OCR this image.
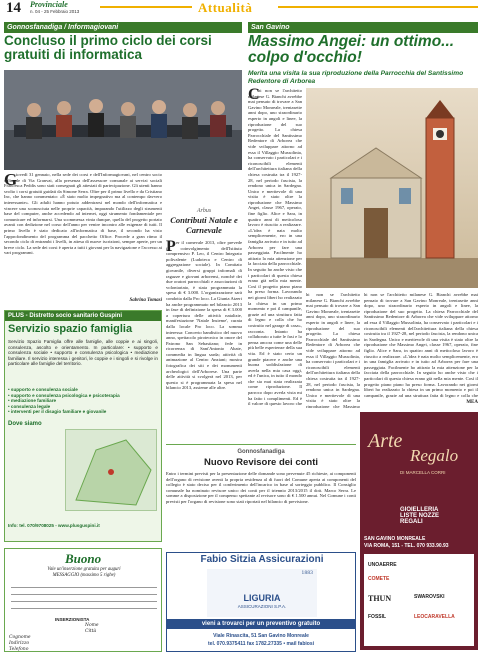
14 Provinciale
n. 04 - 25 Febbraio 2013	Attualità
Gonnosfanadiga / Informagiovani
Concluso il primo ciclo dei corsi gratuiti di informatica
G
iovedì 31 gennaio, nella sede dei corsi e dell'Informagiovani, nel centro socio culturale di Via Granvai, alla presenza dell'assessore comunale ai servizi sociali Francesca Peddis sono stati consegnati gli attestati di partecipazione. Gli utenti hanno svolto i corsi gratuiti guidati da Simone Serra. Oltre per il primo livello e da Cristiano Inc, che hanno commentato: «È stato molto impegnativo ma al contempo davvero interessante». Gli adulti hanno potuto addentrarsi nel mondo dell'informatica e vincere una sconosciuta nelle proprie capacità, imparando l'utilizzo degli strumenti base del computer, anche accedendo ad internet, oggi strumento fondamentale per comunicare ed informarsi. Una scommessa vinta dunque, quella del progetto portato avanti con dedizione nel corso dell'anno per venire incontro alle esigenze di tutti. Il primo livello è stato dedicato all'informatica di base, il secondo ha visto l'approfondimento del programma del pacchetto Office. Procede a gran ritmo il secondo ciclo di entrambi i livelli, in attesa di nuove iscrizioni, sempre aperte, per un breve ciclo. La sede dei corsi è aperta a tutti i giovani per la navigazione e l'accesso ai vari programmi.
Sabrina Tomasi
Arbus
Contributi Natale e Carnevale
P er il carnevale 2013, oltre prevede il coinvolgimento dell'Istituto comprensivo P. Leo, il Centro Integrato polivalente (Ludoteca e Centro di aggregazione sociale). In Comitato giovanile, diversi gruppi informali di ragazze e giovani arborensi, nonché dei due oratori parrocchiali e associazioni di volontariato, è stata programmata la spesa di € 3.000. L'organizzazione sarà condotta dalla Pro loco. La Giunta Atzeri ha anche programmato nel bilancio 2013 in fase di definizione la spesa di € 3.000 a copertura delle attività natalizie, manifestazione 'Natale Insieme', curata dalla locale Pro loco. La somma interessa: Concerto bandistico del nuovo anno, spettacolo pirotecnico in onore del Patrono San Sebastiano; fede in ricorrenza di Sant'Antonio Abate, commedia in lingua sarda; attività di animazione al Centro Anziani; mostra fotografica dei siti e dei monumenti archeologici dell'Arborese. Una parte delle attività si svolgerà nel 2013, per questo si è programmata la spesa nel bilancio 2013, assieme alle altre.
PLUS - Distretto socio sanitario Guspini
Servizio spazio famiglia
Servizio Spazio Famiglia offre alle famiglie, alle coppie e ai singoli, consulenza, ascolto e orientamento. In particolare: • supporto e consulenza sociale • supporto e consulenza psicologica • mediazione familiare. Il servizio interessa i genitori, le coppie e i singoli e si rivolge in particolare alle famiglie del territorio.
• supporto e consulenza sociale
• supporto e consulenza psicologica e psicoterapia
• mediazione familiare
• consulenza legale
• interventi per il disagio familiare e giovanile
Dove siamo
Info: tel. 070/9708025 - www.plusguspini.it
San Gavino
Massimo Angei: un ottimo... colpo d'occhio!
Merita una visita la sua riproduzione della Parrocchia del Santissimo Redentore di Arborea
C
hi non se l'architetto milanese G. Bianchi avrebbe mai pensato di trovare a San Gavino Monreale, trentasette anni dopo, uno straordinario esperto in angoli e linee, la riproduzione del suo progetto. La chiesa Parrocchiale del Santissimo Redentore di Arborea che vide sviluppare attorno ad essa il Villaggio Mussolinia, ha conservato i particolari e i riconoscibili elementi dell'architettura italiana della chiesa costruita tra il 1927-28, nel periodo fascista, la rendono unica in Sardegna. Unico e meritevole di una visita è stato oltre la riproduzione che Massimo Angei, classe 1967, operaio, fine figlio. Alice e Sara, in quattro anni di meticoloso lavoro è riuscito a realizzare. «L'idea è nata molto semplicemente, ero in una famiglia arrivato e in tutto ad Arborea per fare una passeggiata. Facilmente ho attirato la mia attenzione per la facciata della parrocchiale. In seguito ho anche visto che i particolari di questa chiesa erano già nella mia mente. Così il progetto piano piano ha preso forma. Lavorando nei giorni liberi ho realizzato la chiesa in un primo momento e poi il campanile, grazie ad una struttura fatta di legno e colla che ho costruito nel garage di casa», racconta. Intanto ha collaborato a tutte le fasi e lo pensa ancora come una delle più belle esperienze della sua vita. Ed è stato certo un grande piacere e anche una buona soddisfazione di averla nella mia casa oggi, ed è l'unica, in tutto il mondo che sia mai stata realizzata come riproduzione. Il parroco dopo averla vista mi ha fatto i complimenti. Ed è il valore di questo lavoro che
hi non se l'architetto milanese G. Bianchi avrebbe mai pensato di trovare a San Gavino Monreale, trentasette anni dopo, uno straordinario esperto in angoli e linee, la riproduzione del suo progetto. La chiesa Parrocchiale del Santissimo Redentore di Arborea che vide sviluppare attorno ad essa il Villaggio Mussolinia, ha conservato i particolari e i riconoscibili elementi dell'architettura italiana della chiesa costruita tra il 1927-28, nel periodo fascista, la rendono unica in Sardegna. Unico e meritevole di una visita è stato oltre la riproduzione che Massimo Angei, classe 1967, operaio, fine figlio. Alice e Sara, in quattro anni di meticoloso lavoro è riuscito a realizzare. «L'idea è nata molto semplicemente, ero in una famiglia arrivato e in tutto ad Arborea per fare una passeggiata. Facilmente ho attirato la mia attenzione per la facciata della parrocchiale. In seguito ho anche visto che i particolari di questa chiesa erano già nella mia mente. Così il progetto piano piano ha preso forma. Lavorando nei giorni liberi ho realizzato la chiesa in un primo momento e poi il campanile, grazie ad una struttura fatta di legno e colla che
MEA
hi non se l'architetto milanese G. Bianchi avrebbe mai pensato di trovare a San Gavino Monreale, trentasette anni dopo, uno straordinario esperto in angoli e linee, la riproduzione del suo progetto. La chiesa Parrocchiale del Santissimo Redentore di Arborea che vide sviluppare attorno ad essa il Villaggio Mussolinia, ha conservato i particolari e i riconoscibili elementi dell'architettura italiana della chiesa costruita tra il 1927-28, nel periodo fascista, la rendono unica in Sardegna. Unico e meritevole di una visita è stato oltre la riproduzione che Massimo
Gonnosfanadiga
Nuovo Revisore dei conti
Entro i termini previsti per la presentazione delle domande sono pervenute 45 richieste, ai componenti dell'organo di revisione aventi la propria residenza al di fuori del Comune aperta ai componenti del collegio è stato deciso per il conferimento dell'incarico in base al sorteggio pubblico. Il Consiglio comunale ha nominato revisore unico dei conti per il triennio 2013/2015 il dott. Marco Serra. Le somme a disposizione per il compenso spettante al revisore sono di € 1.500 annui. Nel Comune i conti previsti per l'organo di revisione sono stati riportati nel bilancio di previsione.
Arte
Regalo
DI MARCELLA CORRI
GIOIELLERIA
LISTE NOZZE
REGALI
SAN GAVINO MONREALE
VIA ROMA, 151 - TEL. 070 933.90.93
UNOAERRE
COMETE
THUN	SWAROVSKI
FOSSIL	LEOCARAVELLA
Buono
Vale un'inserzione gratuita per auguri
MESSAGGIO (massimo 5 righe)
INSERZIONISTA
Nome
Città
Cognome
Indirizzo
Telefono
Fabio Sitzia Assicurazioni
1883
LIGURIA
ASSICURAZIONI S.P.A.
vieni a trovarci per un preventivo gratuito
Viale Rinascita, 51 San Gavino Monreale
tel. 070.9375411 fax 1782.27335 • mail fabiosi
